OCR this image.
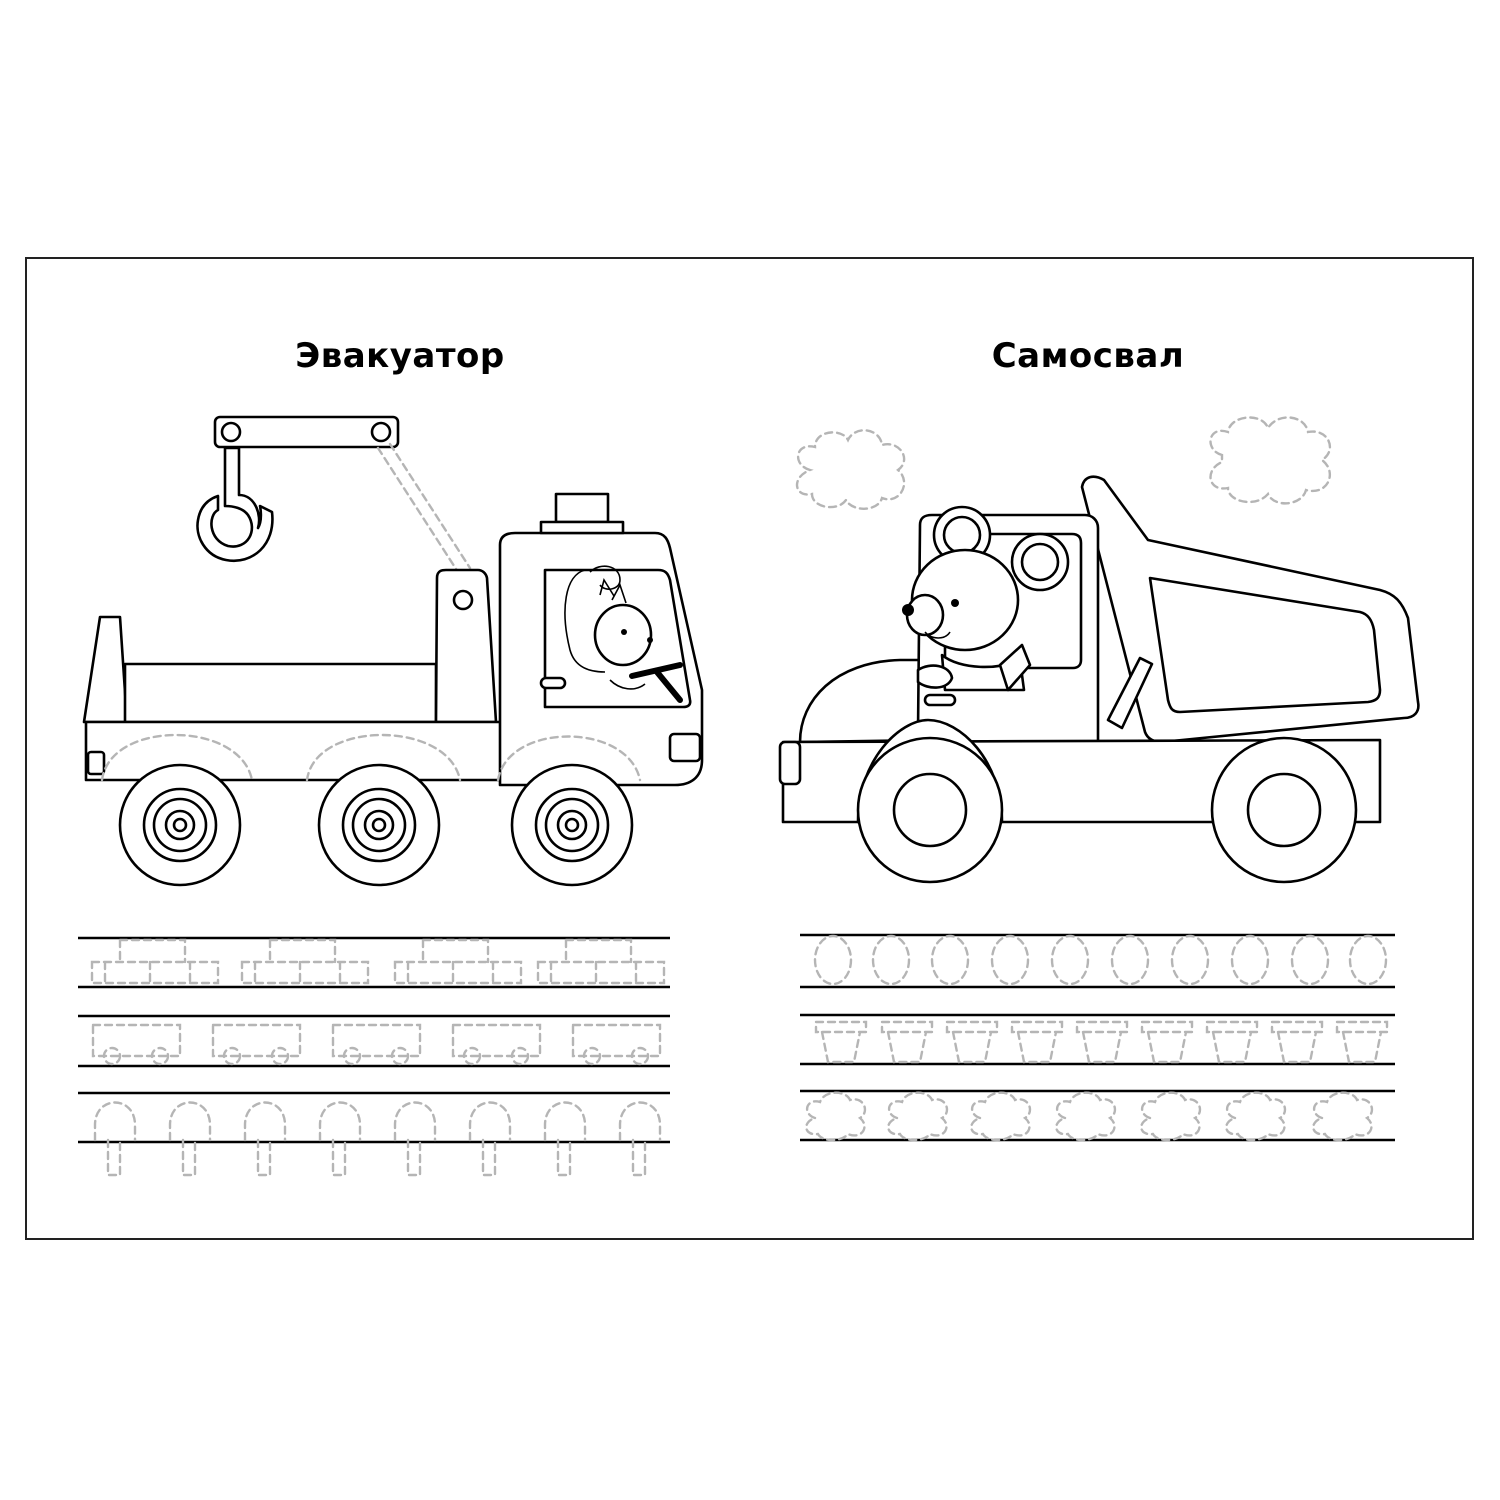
Эвакуатор	Самосвал
